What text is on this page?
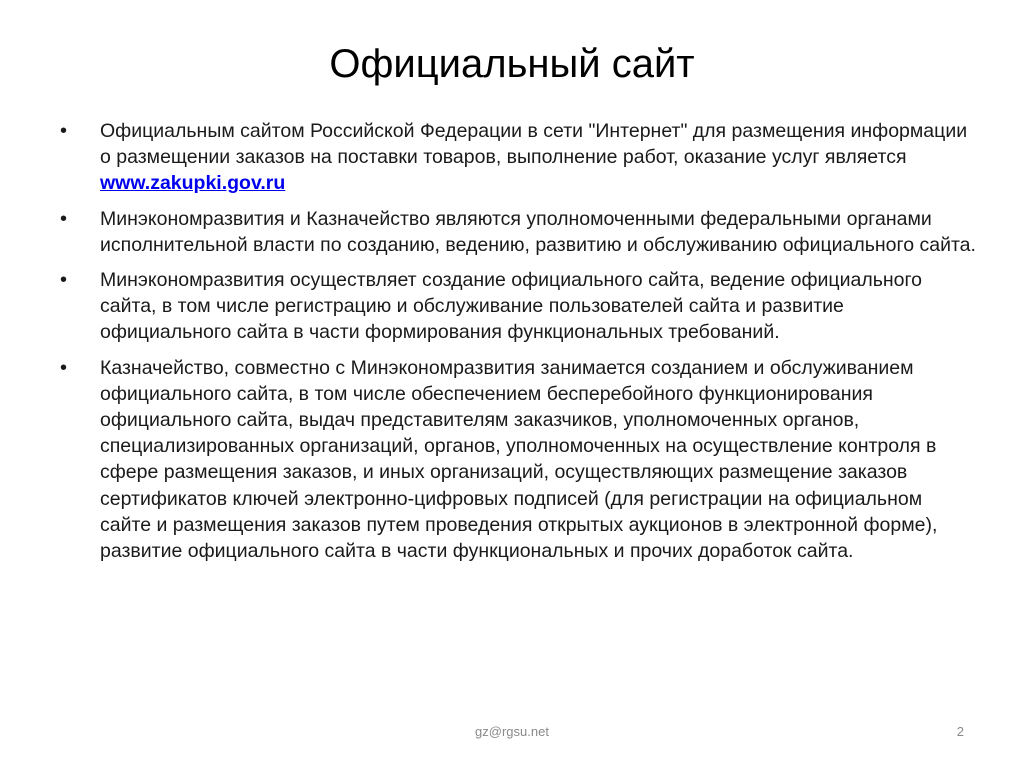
Официальный сайт
• Официальным сайтом Российской Федерации в сети "Интернет" для размещения информации о размещении заказов на поставки товаров, выполнение работ, оказание услуг является www.zakupki.gov.ru
• Минэкономразвития и Казначейство являются уполномоченными федеральными органами исполнительной власти по созданию, ведению, развитию и обслуживанию официального сайта.
• Минэкономразвития осуществляет создание официального сайта, ведение официального сайта, в том числе регистрацию и обслуживание пользователей сайта и развитие официального сайта в части формирования функциональных требований.
• Казначейство, совместно с Минэкономразвития занимается созданием и обслуживанием официального сайта, в том числе обеспечением бесперебойного функционирования официального сайта, выдач представителям заказчиков, уполномоченных органов, специализированных организаций, органов, уполномоченных на осуществление контроля в сфере размещения заказов, и иных организаций, осуществляющих размещение заказов сертификатов ключей электронно-цифровых подписей (для регистрации на официальном сайте и размещения заказов путем проведения открытых аукционов в электронной форме), развитие официального сайта в части функциональных и прочих доработок сайта.
gz@rgsu.net	2
